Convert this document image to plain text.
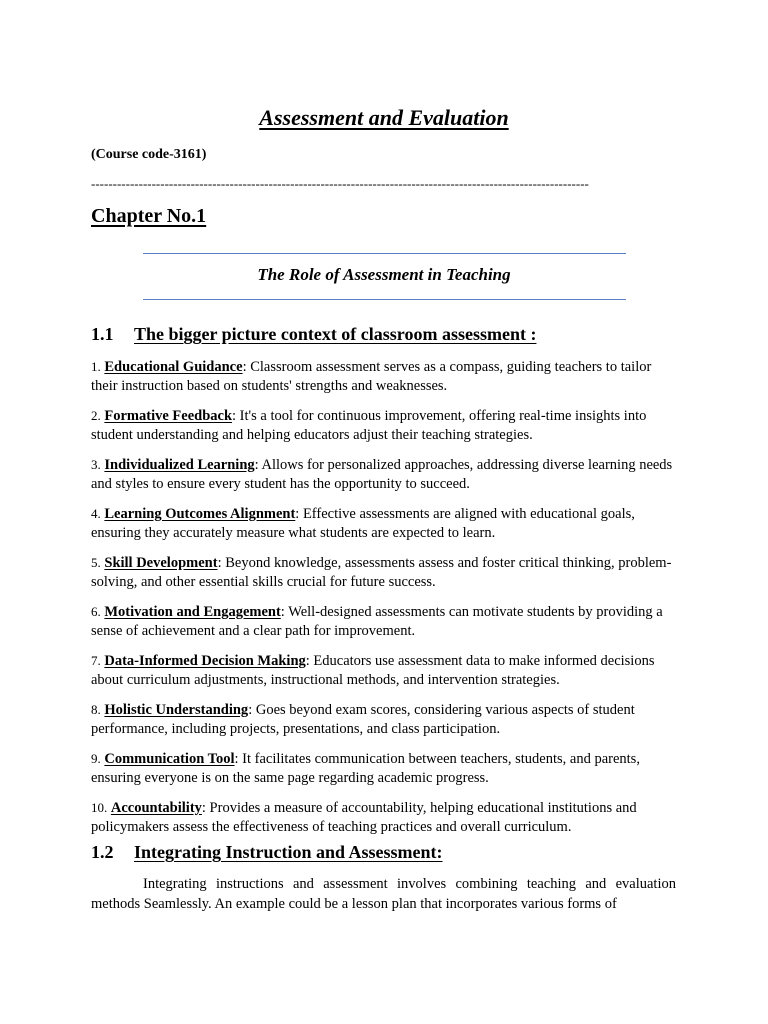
Assessment and Evaluation
(Course code-3161)
-------------------------------------------------------------------------------------------------------------------
Chapter No.1
The Role of Assessment in Teaching
1.1 The bigger picture context of classroom assessment :

1. Educational Guidance: Classroom assessment serves as a compass, guiding teachers to tailor their instruction based on students' strengths and weaknesses.

2. Formative Feedback: It's a tool for continuous improvement, offering real-time insights into student understanding and helping educators adjust their teaching strategies.

3. Individualized Learning: Allows for personalized approaches, addressing diverse learning needs and styles to ensure every student has the opportunity to succeed.

4. Learning Outcomes Alignment: Effective assessments are aligned with educational goals, ensuring they accurately measure what students are expected to learn.

5. Skill Development: Beyond knowledge, assessments assess and foster critical thinking, problem-solving, and other essential skills crucial for future success.

6. Motivation and Engagement: Well-designed assessments can motivate students by providing a sense of achievement and a clear path for improvement.

7. Data-Informed Decision Making: Educators use assessment data to make informed decisions about curriculum adjustments, instructional methods, and intervention strategies.

8. Holistic Understanding: Goes beyond exam scores, considering various aspects of student performance, including projects, presentations, and class participation.

9. Communication Tool: It facilitates communication between teachers, students, and parents, ensuring everyone is on the same page regarding academic progress.

10. Accountability: Provides a measure of accountability, helping educational institutions and policymakers assess the effectiveness of teaching practices and overall curriculum.

1.2 Integrating Instruction and Assessment:
Integrating instructions and assessment involves combining teaching and evaluation methods Seamlessly. An example could be a lesson plan that incorporates various forms of
